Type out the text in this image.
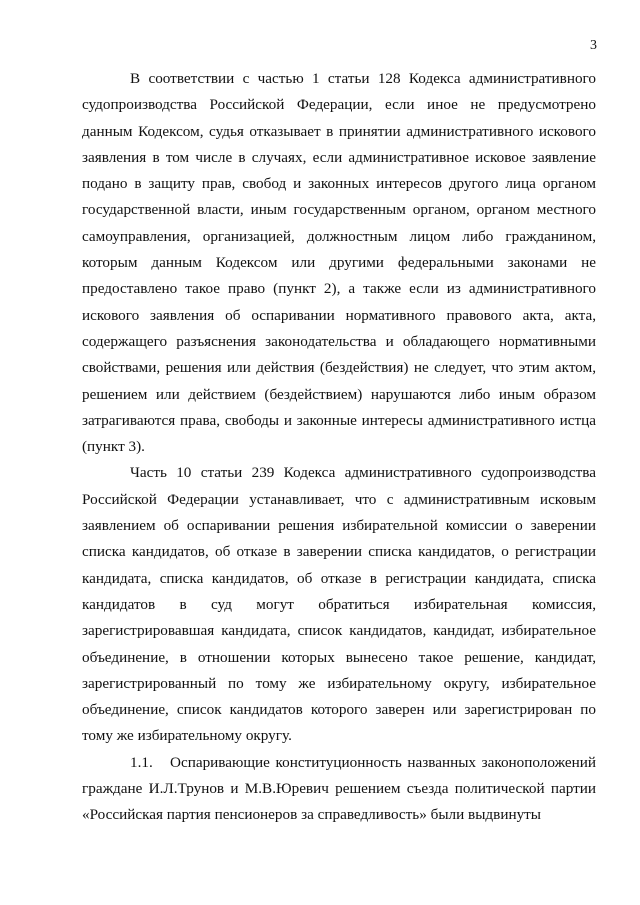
3

В соответствии с частью 1 статьи 128 Кодекса административного судопроизводства Российской Федерации, если иное не предусмотрено данным Кодексом, судья отказывает в принятии административного искового заявления в том числе в случаях, если административное исковое заявление подано в защиту прав, свобод и законных интересов другого лица органом государственной власти, иным государственным органом, органом местного самоуправления, организацией, должностным лицом либо гражданином, которым данным Кодексом или другими федеральными законами не предоставлено такое право (пункт 2), а также если из административного искового заявления об оспаривании нормативного правового акта, акта, содержащего разъяснения законодательства и обладающего нормативными свойствами, решения или действия (бездействия) не следует, что этим актом, решением или действием (бездействием) нарушаются либо иным образом затрагиваются права, свободы и законные интересы административного истца (пункт 3).

Часть 10 статьи 239 Кодекса административного судопроизводства Российской Федерации устанавливает, что с административным исковым заявлением об оспаривании решения избирательной комиссии о заверении списка кандидатов, об отказе в заверении списка кандидатов, о регистрации кандидата, списка кандидатов, об отказе в регистрации кандидата, списка кандидатов в суд могут обратиться избирательная комиссия, зарегистрировавшая кандидата, список кандидатов, кандидат, избирательное объединение, в отношении которых вынесено такое решение, кандидат, зарегистрированный по тому же избирательному округу, избирательное объединение, список кандидатов которого заверен или зарегистрирован по тому же избирательному округу.

1.1. Оспаривающие конституционность названных законоположений граждане И.Л.Трунов и М.В.Юревич решением съезда политической партии «Российская партия пенсионеров за справедливость» были выдвинуты
